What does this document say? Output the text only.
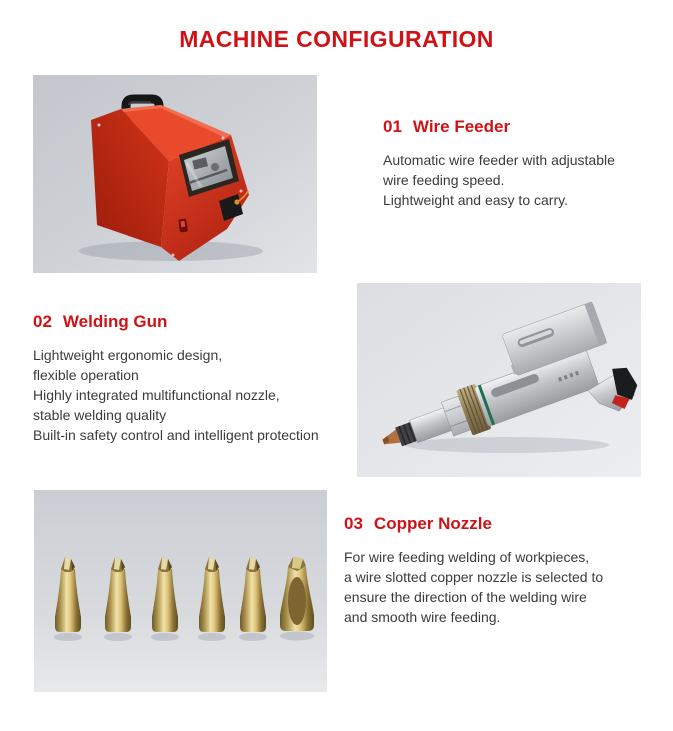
MACHINE CONFIGURATION
01 Wire Feeder
Automatic wire feeder with adjustable
wire feeding speed.
Lightweight and easy to carry.
02 Welding Gun
Lightweight ergonomic design,
flexible operation
Highly integrated multifunctional nozzle,
stable welding quality
Built-in safety control and intelligent protection
03 Copper Nozzle
For wire feeding welding of workpieces,
a wire slotted copper nozzle is selected to
ensure the direction of the welding wire
and smooth wire feeding.
